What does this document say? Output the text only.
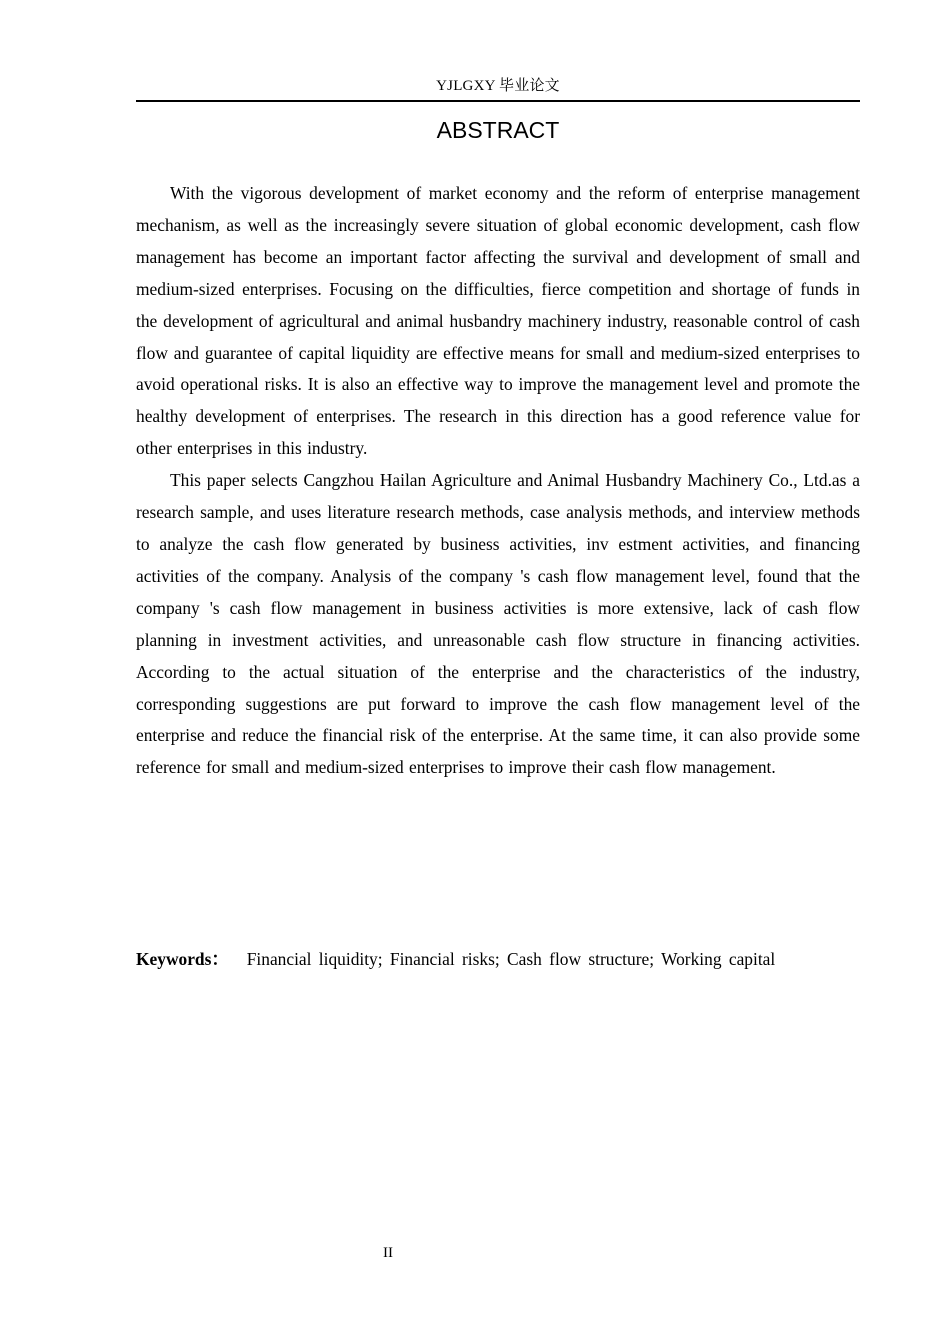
YJLGXY 毕业论文
ABSTRACT

With the vigorous development of market economy and the reform of enterprise management mechanism, as well as the increasingly severe situation of global economic development, cash flow management has become an important factor affecting the survival and development of small and medium-sized enterprises. Focusing on the difficulties, fierce competition and shortage of funds in the development of agricultural and animal husbandry machinery industry, reasonable control of cash flow and guarantee of capital liquidity are effective means for small and medium-sized enterprises to avoid operational risks. It is also an effective way to improve the management level and promote the healthy development of enterprises. The research in this direction has a good reference value for other enterprises in this industry.

This paper selects Cangzhou Hailan Agriculture and Animal Husbandry Machinery Co., Ltd.as a research sample, and uses literature research methods, case analysis methods, and interview methods to analyze the cash flow generated by business activities, inv estment activities, and financing activities of the company. Analysis of the company 's cash flow management level, found that the company 's cash flow management in business activities is more extensive, lack of cash flow planning in investment activities, and unreasonable cash flow structure in financing activities. According to the actual situation of the enterprise and the characteristics of the industry, corresponding suggestions are put forward to improve the cash flow management level of the enterprise and reduce the financial risk of the enterprise. At the same time, it can also provide some reference for small and medium-sized enterprises to improve their cash flow management.

Keywords： Financial liquidity; Financial risks; Cash flow structure; Working capital
II
